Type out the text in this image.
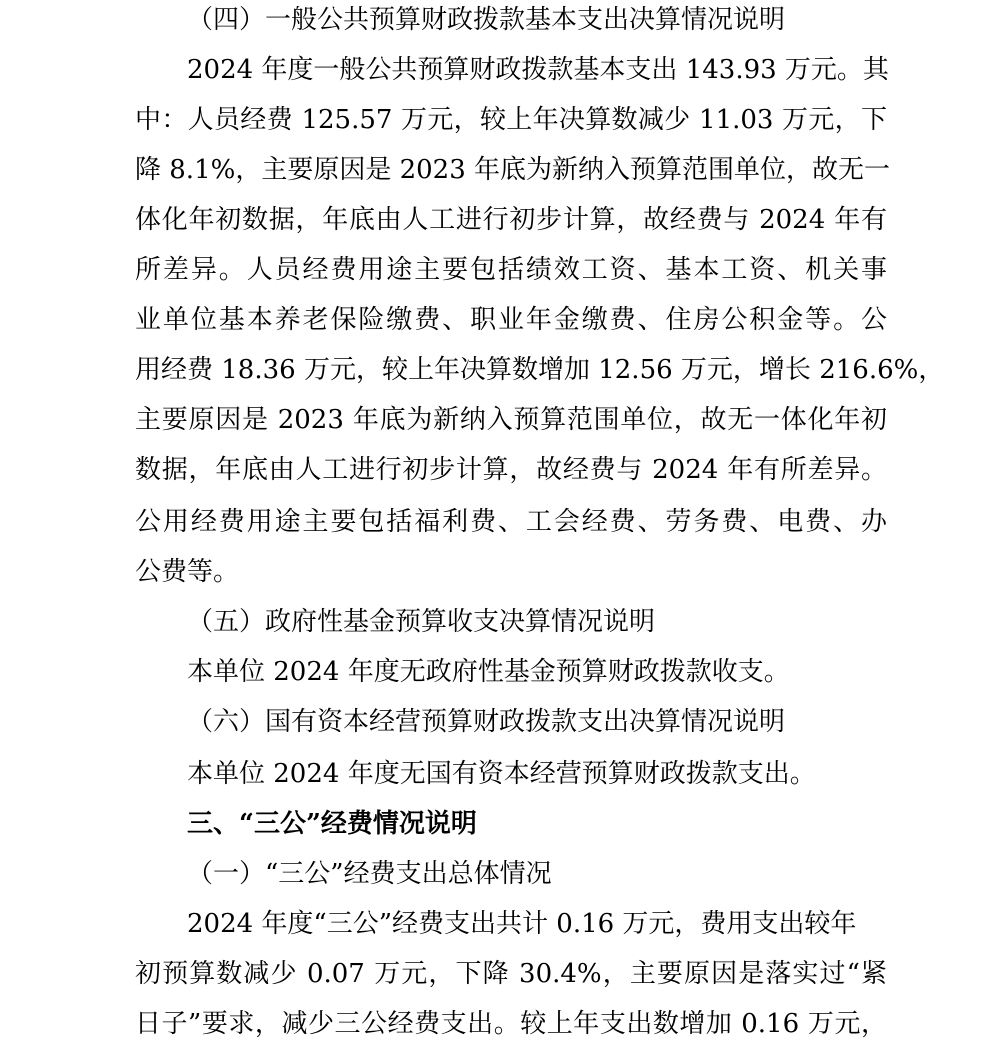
（四）一般公共预算财政拨款基本支出决算情况说明
2024 年度一般公共预算财政拨款基本支出 143.93 万元。其
中：人员经费 125.57 万元，较上年决算数减少 11.03 万元，下
降 8.1%，主要原因是 2023 年底为新纳入预算范围单位，故无一
体化年初数据，年底由人工进行初步计算，故经费与 2024 年有
所差异。人员经费用途主要包括绩效工资、基本工资、机关事
业单位基本养老保险缴费、职业年金缴费、住房公积金等。公
用经费 18.36 万元，较上年决算数增加 12.56 万元，增长 216.6%，
主要原因是 2023 年底为新纳入预算范围单位，故无一体化年初
数据，年底由人工进行初步计算，故经费与 2024 年有所差异。
公用经费用途主要包括福利费、工会经费、劳务费、电费、办
公费等。
（五）政府性基金预算收支决算情况说明
本单位 2024 年度无政府性基金预算财政拨款收支。
（六）国有资本经营预算财政拨款支出决算情况说明
本单位 2024 年度无国有资本经营预算财政拨款支出。
三、“三公”经费情况说明
（一）“三公”经费支出总体情况
2024 年度“三公”经费支出共计 0.16 万元，费用支出较年
初预算数减少 0.07 万元，下降 30.4%，主要原因是落实过“紧
日子”要求，减少三公经费支出。较上年支出数增加 0.16 万元，
